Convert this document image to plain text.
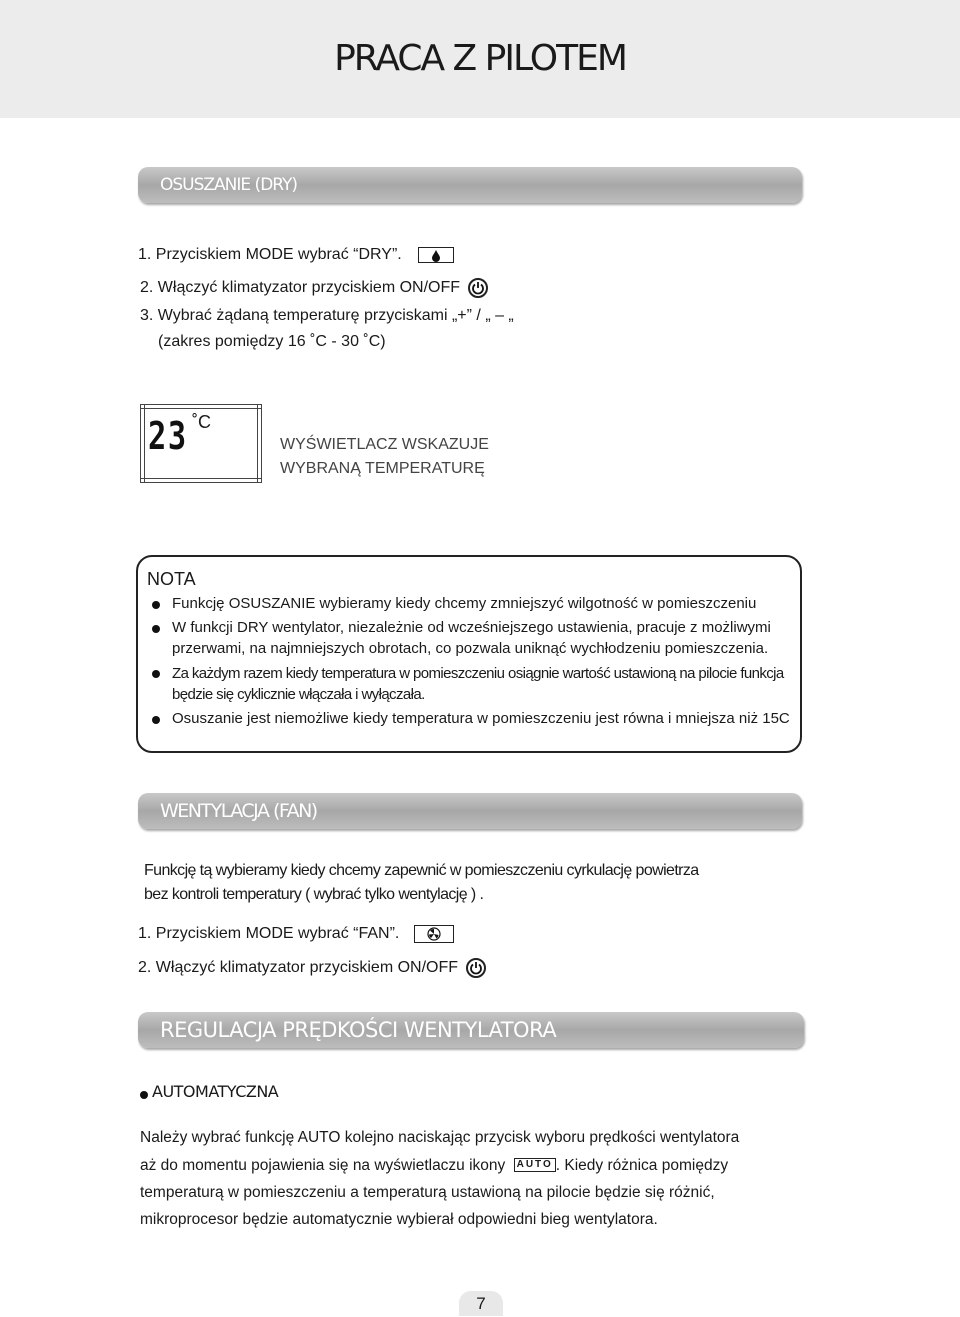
PRACA Z PILOTEM
OSUSZANIE (DRY)
1. Przyciskiem MODE wybrać “DRY”.
2. Włączyć klimatyzator przyciskiem ON/OFF
3. Wybrać żądaną temperaturę przyciskami „+” / „ – „
(zakres pomiędzy 16 ˚C - 30 ˚C)
23 ˚C
WYŚWIETLACZ WSKAZUJE
WYBRANĄ TEMPERATURĘ
NOTA
Funkcję OSUSZANIE wybieramy kiedy chcemy zmniejszyć wilgotność w pomieszczeniu
W funkcji DRY wentylator, niezależnie od wcześniejszego ustawienia, pracuje z możliwymi
przerwami, na najmniejszych obrotach, co pozwala uniknąć wychłodzeniu pomieszczenia.
Za każdym razem kiedy temperatura w pomieszczeniu osiągnie wartość ustawioną na pilocie funkcja
będzie się cyklicznie włączała i wyłączała.
Osuszanie jest niemożliwe kiedy temperatura w pomieszczeniu jest równa i mniejsza niż 15C
WENTYLACJA (FAN)
Funkcję tą wybieramy kiedy chcemy zapewnić w pomieszczeniu cyrkulację powietrza
bez kontroli temperatury ( wybrać tylko wentylację ) .
1. Przyciskiem MODE wybrać “FAN”.
2. Włączyć klimatyzator przyciskiem ON/OFF
REGULACJA PRĘDKOŚCI WENTYLATORA
AUTOMATYCZNA
Należy wybrać funkcję AUTO kolejno naciskając przycisk wyboru prędkości wentylatora
aż do momentu pojawienia się na wyświetlaczu ikony AUTO . Kiedy różnica pomiędzy
temperaturą w pomieszczeniu a temperaturą ustawioną na pilocie będzie się różnić,
mikroprocesor będzie automatycznie wybierał odpowiedni bieg wentylatora.
7
